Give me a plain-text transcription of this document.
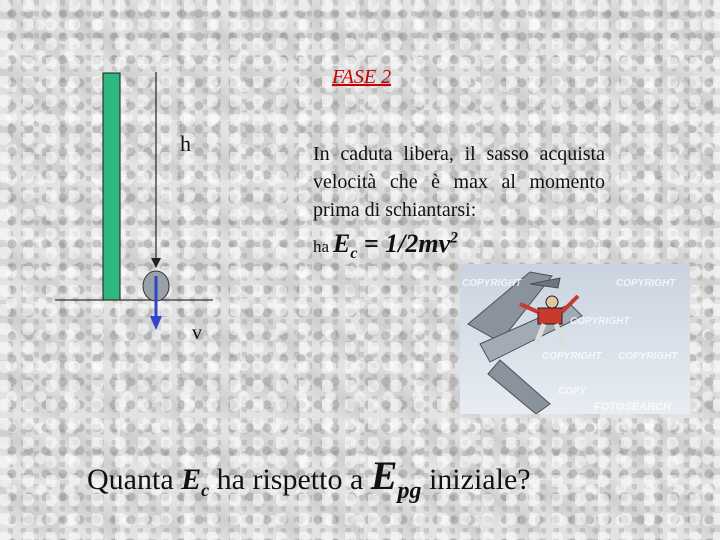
FASE 2
h
v
In caduta libera, il sasso acquista velocità che è max al momento prima di schiantarsi:
ha $E_c = 1/2mv^2$
COPYRIGHT	COPYRIGHT
COPYRIGHT
COPYRIGHT COPYRIGHT
COPY
FOTOSEARCH
Quanta $E_c$ ha rispetto a $E_{pg}$ iniziale?
